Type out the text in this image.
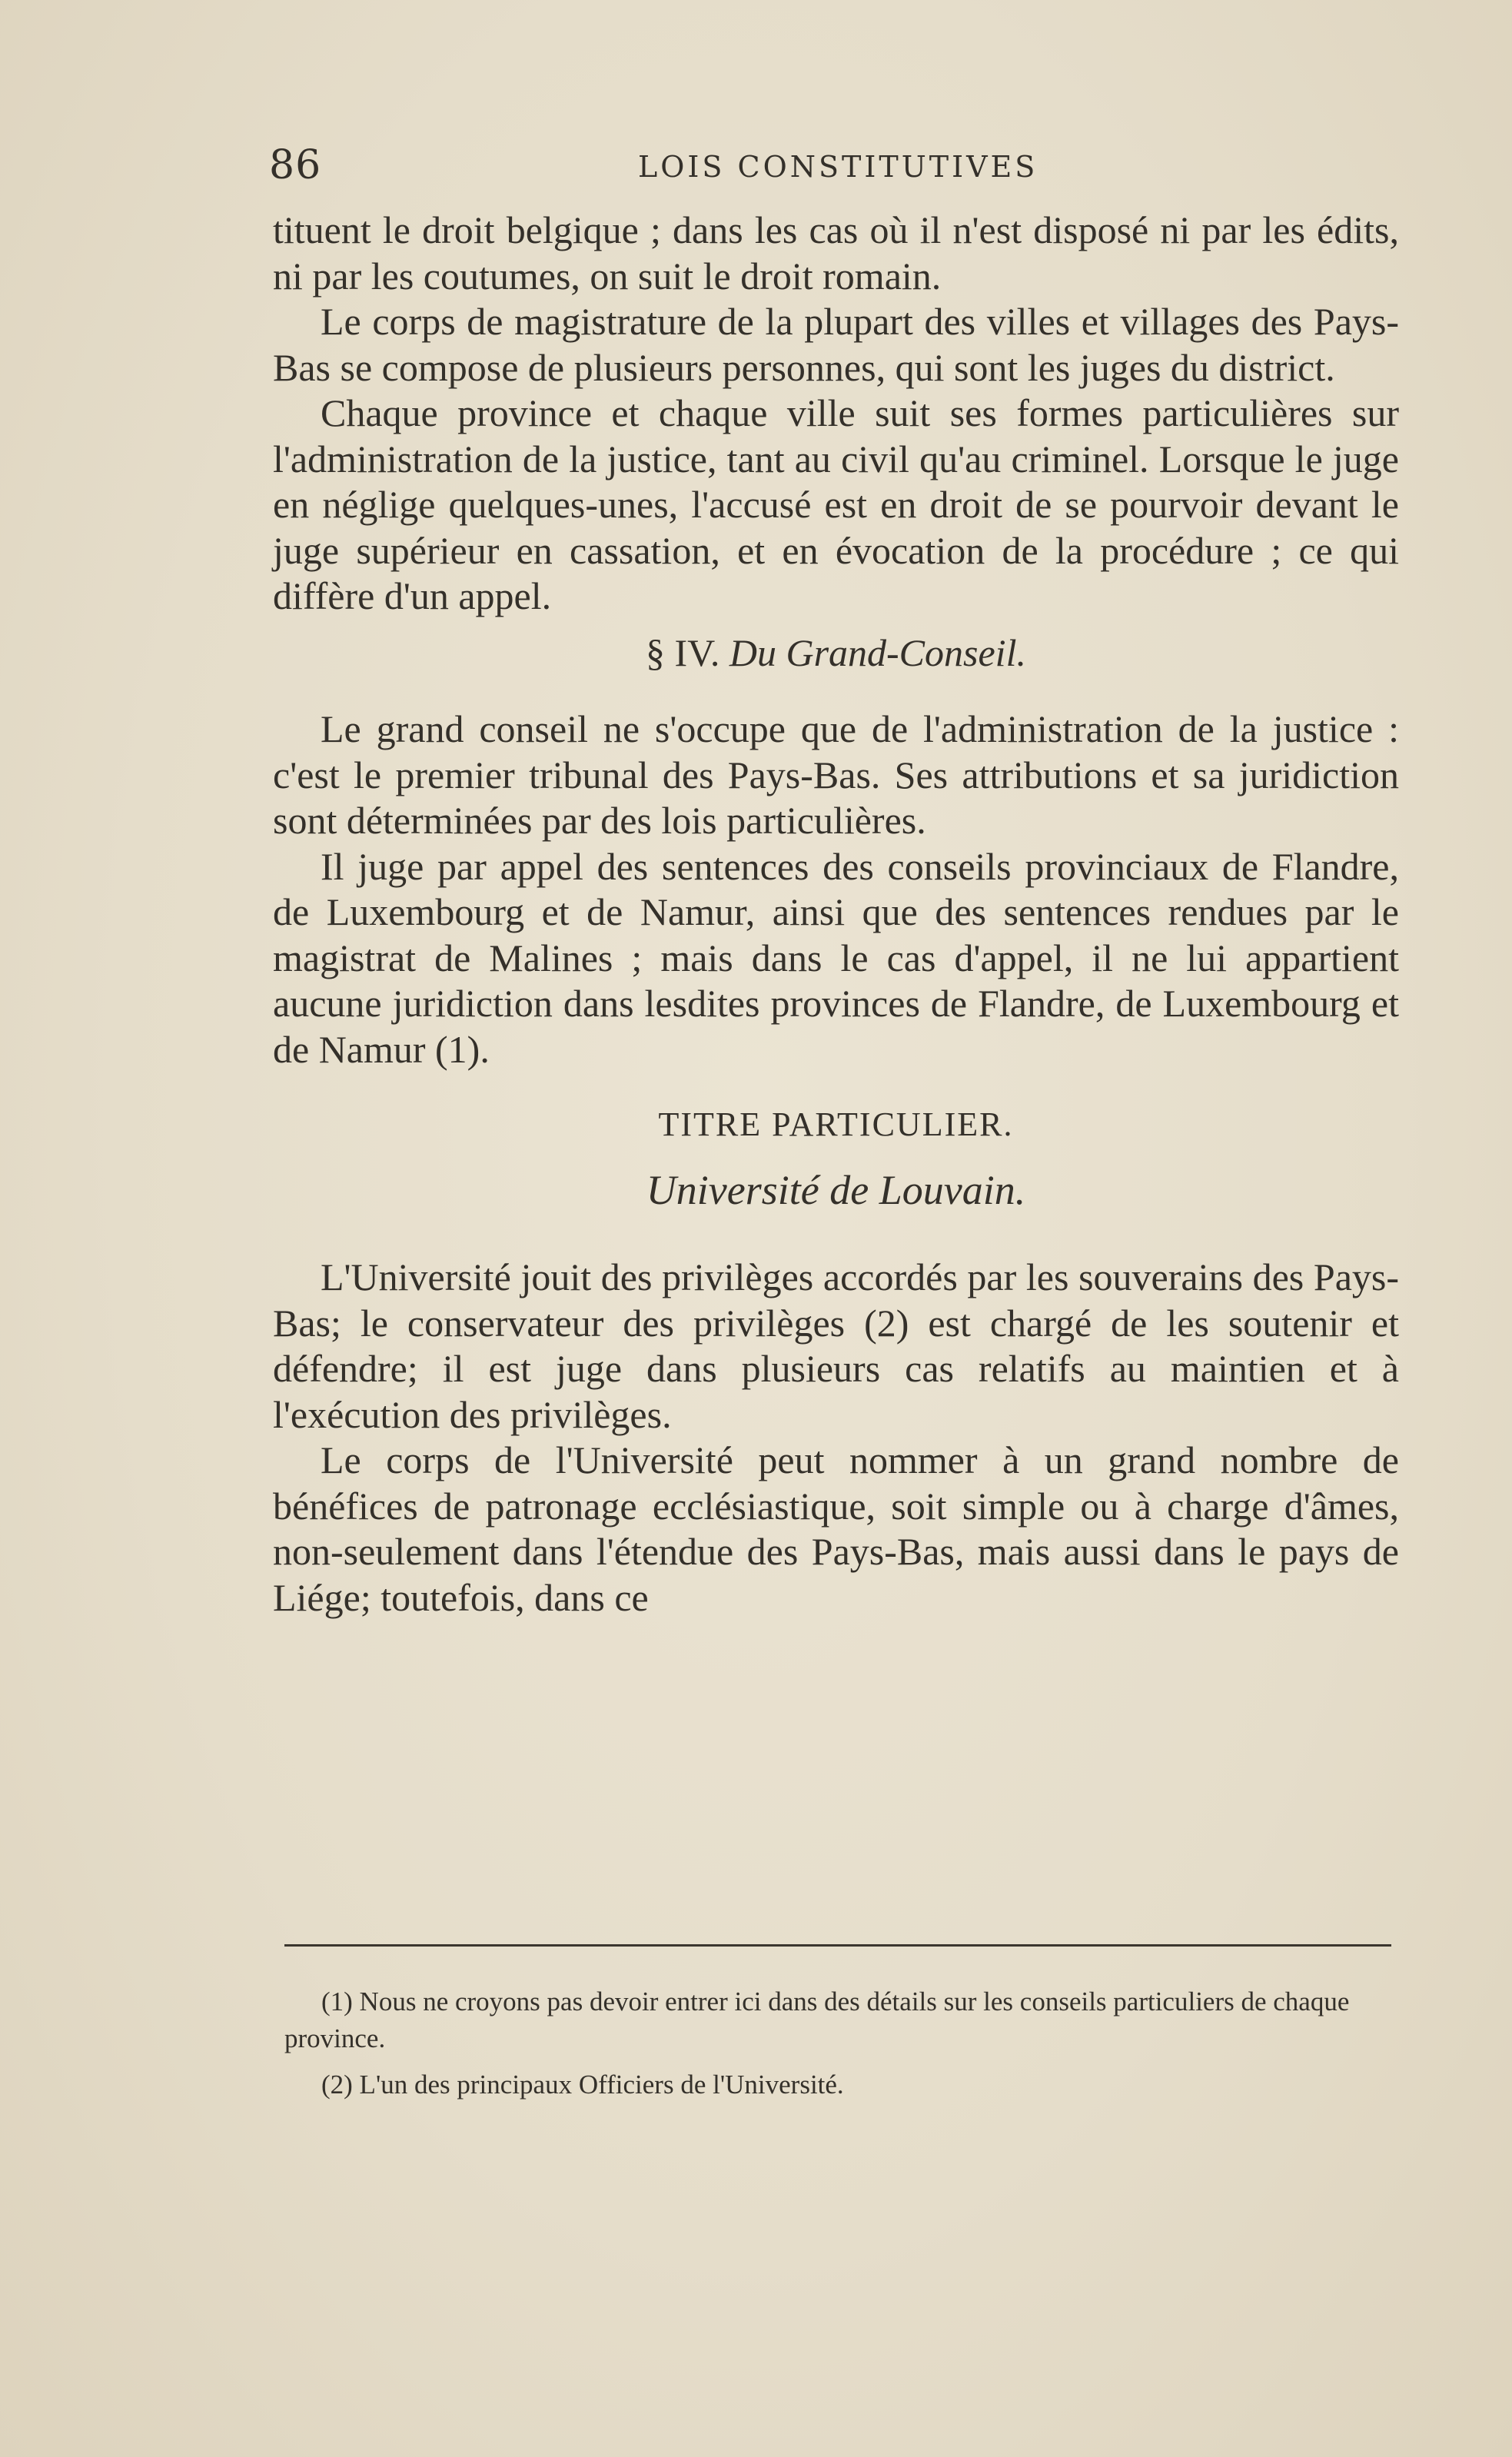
86	LOIS CONSTITUTIVES

tituent le droit belgique ; dans les cas où il n'est disposé ni par les édits, ni par les coutumes, on suit le droit romain.

Le corps de magistrature de la plupart des villes et villages des Pays-Bas se compose de plusieurs personnes, qui sont les juges du district.

Chaque province et chaque ville suit ses formes particulières sur l'administration de la justice, tant au civil qu'au criminel. Lorsque le juge en néglige quelques-unes, l'accusé est en droit de se pourvoir devant le juge supérieur en cassation, et en évocation de la procédure ; ce qui diffère d'un appel.

§ IV. Du Grand-Conseil.

Le grand conseil ne s'occupe que de l'administration de la justice : c'est le premier tribunal des Pays-Bas. Ses attributions et sa juridiction sont déterminées par des lois particulières.

Il juge par appel des sentences des conseils provinciaux de Flandre, de Luxembourg et de Namur, ainsi que des sentences rendues par le magistrat de Malines ; mais dans le cas d'appel, il ne lui appartient aucune juridiction dans lesdites provinces de Flandre, de Luxembourg et de Namur (1).

TITRE PARTICULIER.
Université de Louvain.

L'Université jouit des privilèges accordés par les souverains des Pays-Bas; le conservateur des privilèges (2) est chargé de les soutenir et défendre; il est juge dans plusieurs cas relatifs au maintien et à l'exécution des privilèges.

Le corps de l'Université peut nommer à un grand nombre de bénéfices de patronage ecclésiastique, soit simple ou à charge d'âmes, non-seulement dans l'étendue des Pays-Bas, mais aussi dans le pays de Liége; toutefois, dans ce

(1) Nous ne croyons pas devoir entrer ici dans des détails sur les conseils particuliers de chaque province.

(2) L'un des principaux Officiers de l'Université.
